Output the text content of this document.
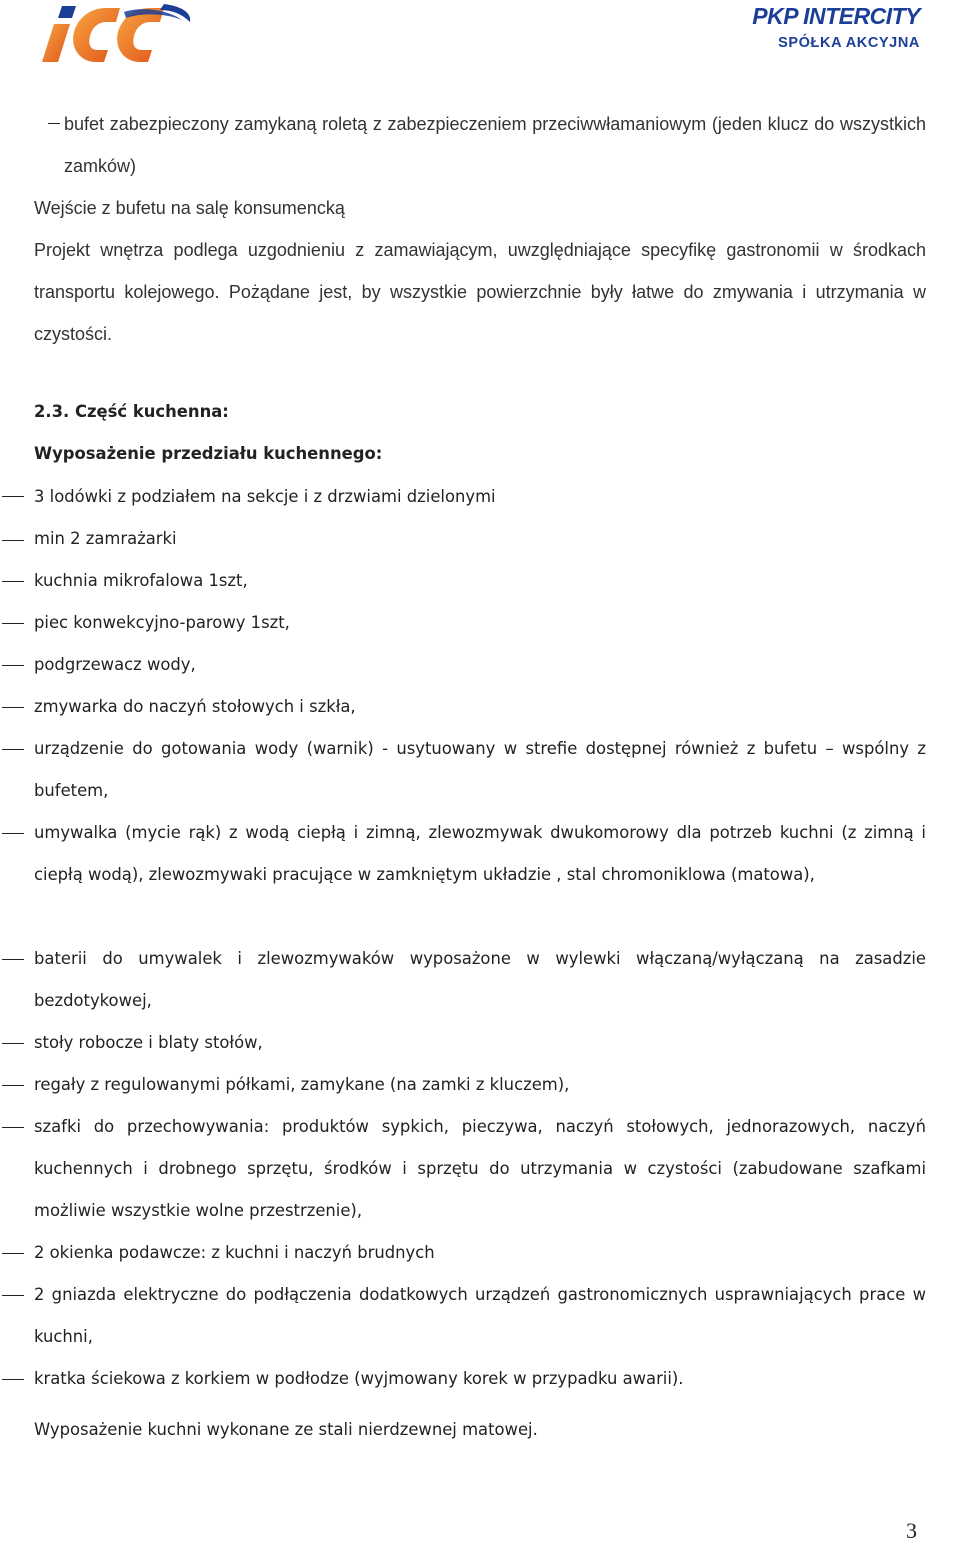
PKP INTERCITY
SPÓŁKA AKCYJNA
bufet zabezpieczony zamykaną roletą z zabezpieczeniem przeciwwłamaniowym (jeden klucz do wszystkich zamków)
Wejście z bufetu na salę konsumencką
Projekt wnętrza podlega uzgodnieniu z zamawiającym, uwzględniające specyfikę gastronomii w środkach transportu kolejowego. Pożądane jest, by wszystkie powierzchnie były łatwe do zmywania i utrzymania w czystości.
2.3. Część kuchenna:
Wyposażenie przedziału kuchennego:
3 lodówki z podziałem na sekcje i z drzwiami dzielonymi
min 2 zamrażarki
kuchnia mikrofalowa 1szt,
piec konwekcyjno-parowy 1szt,
podgrzewacz wody,
zmywarka do naczyń stołowych i szkła,
urządzenie do gotowania wody (warnik) - usytuowany w strefie dostępnej również z bufetu – wspólny z bufetem,
umywalka (mycie rąk) z wodą ciepłą i zimną, zlewozmywak dwukomorowy dla potrzeb kuchni (z zimną i ciepłą wodą), zlewozmywaki pracujące w zamkniętym układzie , stal chromoniklowa (matowa),
baterii do umywalek i zlewozmywaków wyposażone w wylewki włączaną/wyłączaną na zasadzie bezdotykowej,
stoły robocze i blaty stołów,
regały z regulowanymi półkami, zamykane (na zamki z kluczem),
szafki do przechowywania: produktów sypkich, pieczywa, naczyń stołowych, jednorazowych, naczyń kuchennych i drobnego sprzętu, środków i sprzętu do utrzymania w czystości (zabudowane szafkami możliwie wszystkie wolne przestrzenie),
2 okienka podawcze: z kuchni i naczyń brudnych
2 gniazda elektryczne do podłączenia dodatkowych urządzeń gastronomicznych usprawniających prace w kuchni,
kratka ściekowa z korkiem w podłodze (wyjmowany korek w przypadku awarii).
Wyposażenie kuchni wykonane ze stali nierdzewnej matowej.
3
